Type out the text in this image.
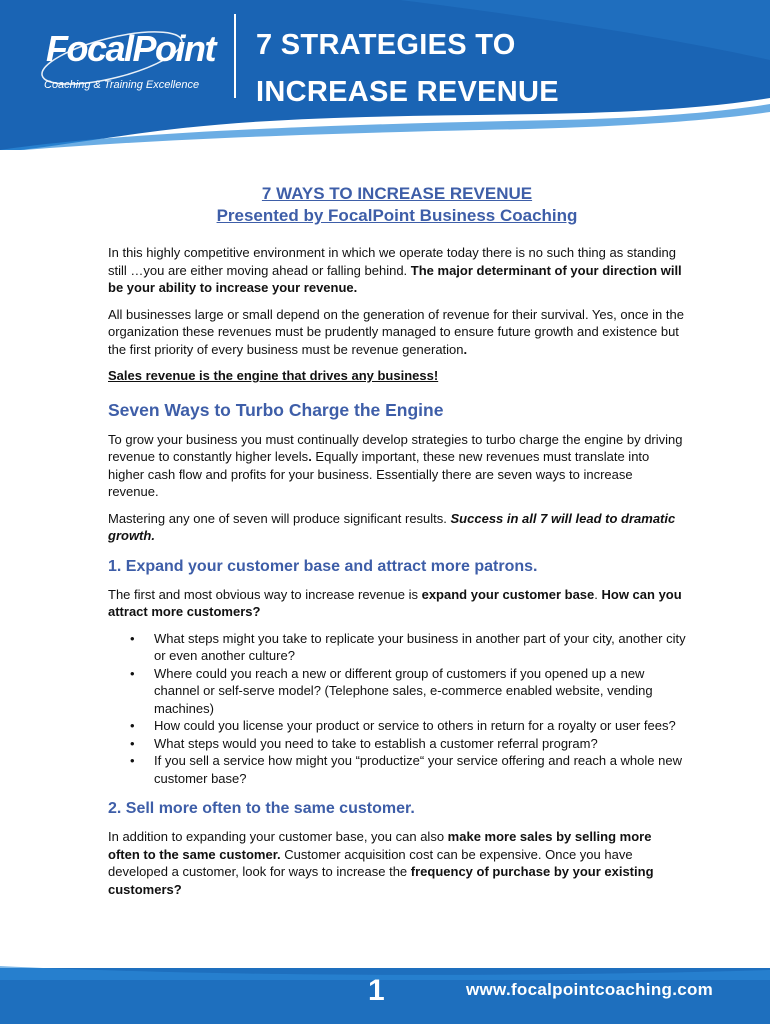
FocalPoint
Coaching & Training Excellence
7 STRATEGIES TO
INCREASE REVENUE
7 WAYS TO INCREASE REVENUE
Presented by FocalPoint Business Coaching

In this highly competitive environment in which we operate today there is no such thing as standing still …you are either moving ahead or falling behind. The major determinant of your direction will be your ability to increase your revenue.

All businesses large or small depend on the generation of revenue for their survival. Yes, once in the organization these revenues must be prudently managed to ensure future growth and existence but the first priority of every business must be revenue generation.

Sales revenue is the engine that drives any business!

Seven Ways to Turbo Charge the Engine

To grow your business you must continually develop strategies to turbo charge the engine by driving revenue to constantly higher levels. Equally important, these new revenues must translate into higher cash flow and profits for your business. Essentially there are seven ways to increase revenue.

Mastering any one of seven will produce significant results. Success in all 7 will lead to dramatic growth.

1. Expand your customer base and attract more patrons.

The first and most obvious way to increase revenue is expand your customer base. How can you attract more customers?

• What steps might you take to replicate your business in another part of your city, another city or even another culture?
• Where could you reach a new or different group of customers if you opened up a new channel or self-serve model? (Telephone sales, e-commerce enabled website, vending machines)
• How could you license your product or service to others in return for a royalty or user fees?
• What steps would you need to take to establish a customer referral program?
• If you sell a service how might you “productize“ your service offering and reach a whole new customer base?
2. Sell more often to the same customer.

In addition to expanding your customer base, you can also make more sales by selling more often to the same customer. Customer acquisition cost can be expensive. Once you have developed a customer, look for ways to increase the frequency of purchase by your existing customers?

1	www.focalpointcoaching.com
